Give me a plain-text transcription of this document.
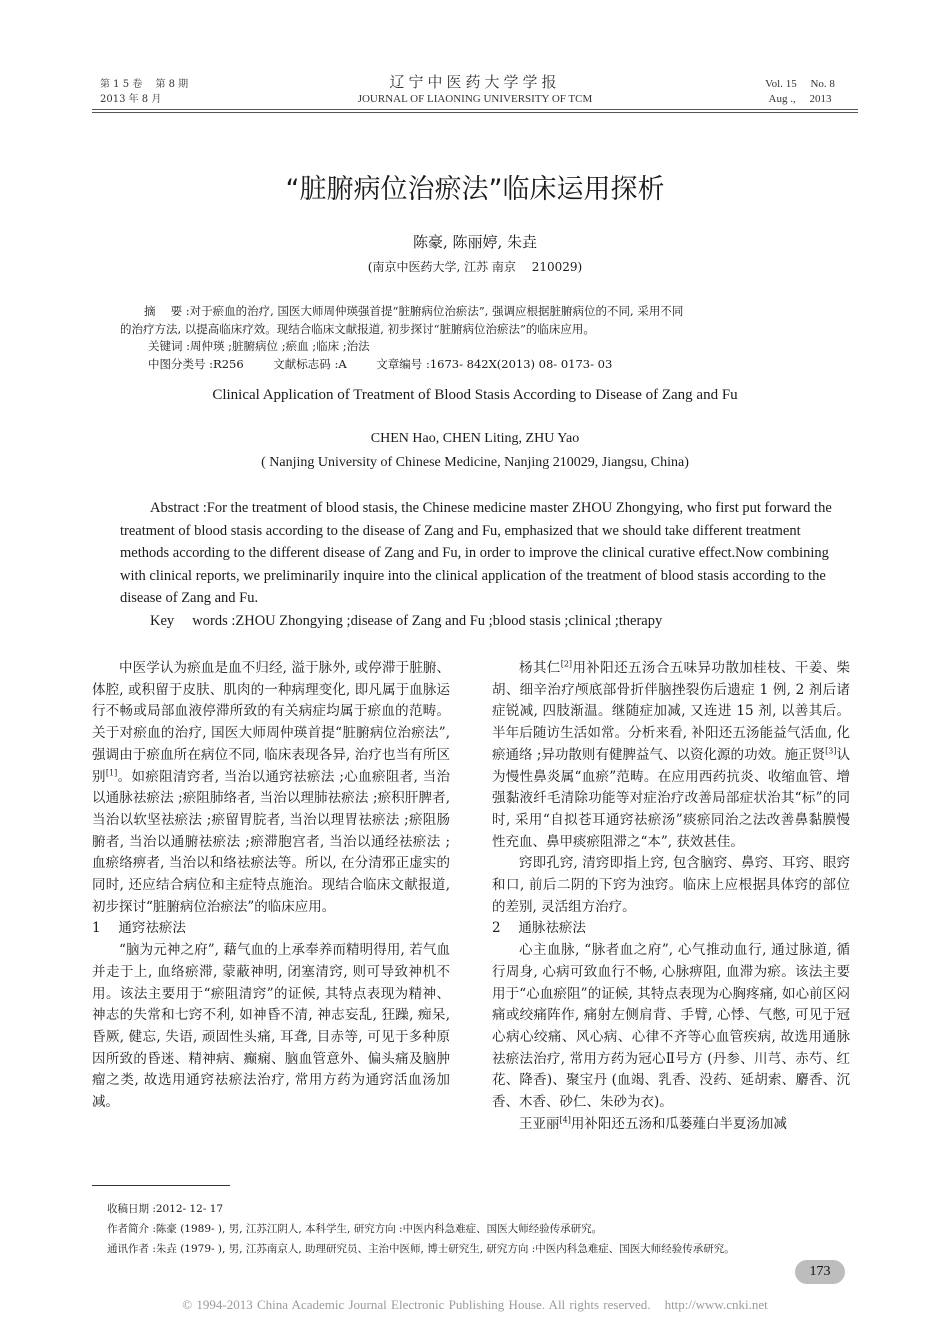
第 1 5 卷 　第 8 期
2013 年 8 月
辽宁中医药大学学报
JOURNAL OF LIAONING UNIVERSITY OF TCM
Vol. 15 　No. 8
Aug ., 　2013
“脏腑病位治瘀法”临床运用探析
陈豪, 陈丽婷, 朱垚
(南京中医药大学, 江苏 南京 　210029)

摘 　要 :对于瘀血的治疗, 国医大师周仲瑛强首提“脏腑病位治瘀法”, 强调应根据脏腑病位的不同, 采用不同

的治疗方法, 以提高临床疗效。现结合临床文献报道, 初步探讨“脏腑病位治瘀法”的临床应用。

关键词 :周仲瑛 ;脏腑病位 ;瘀血 ;临床 ;治法

中图分类号 :R256	文献标志码 :A	文章编号 :1673- 842X(2013) 08- 0173- 03

Clinical Application of Treatment of Blood Stasis According to Disease of Zang and Fu
CHEN Hao, CHEN Liting, ZHU Yao
( Nanjing University of Chinese Medicine, Nanjing 210029, Jiangsu, China)

Abstract :For the treatment of blood stasis, the Chinese medicine master ZHOU Zhongying, who first put forward the treatment of blood stasis according to the disease of Zang and Fu, emphasized that we should take different treatment methods according to the different disease of Zang and Fu, in order to improve the clinical curative effect.Now combining with clinical reports, we preliminarily inquire into the clinical application of the treatment of blood stasis according to the disease of Zang and Fu.

Key 　words :ZHOU Zhongying ;disease of Zang and Fu ;blood stasis ;clinical ;therapy

中医学认为瘀血是血不归经, 溢于脉外, 或停滞于脏腑、体腔, 或积留于皮肤、肌肉的一种病理变化, 即凡属于血脉运行不畅或局部血液停滞所致的有关病症均属于瘀血的范畴。关于对瘀血的治疗, 国医大师周仲瑛首提“脏腑病位治瘀法”, 强调由于瘀血所在病位不同, 临床表现各异, 治疗也当有所区别[1]。如瘀阻清窍者, 当治以通窍祛瘀法 ;心血瘀阻者, 当治以通脉祛瘀法 ;瘀阻肺络者, 当治以理肺祛瘀法 ;瘀积肝脾者, 当治以软坚祛瘀法 ;瘀留胃脘者, 当治以理胃祛瘀法 ;瘀阻肠腑者, 当治以通腑祛瘀法 ;瘀滞胞宫者, 当治以通经祛瘀法 ;血瘀络痹者, 当治以和络祛瘀法等。所以, 在分清邪正虚实的同时, 还应结合病位和主症特点施治。现结合临床文献报道, 初步探讨“脏腑病位治瘀法”的临床应用。

1 　通窍祛瘀法

“脑为元神之府”, 藉气血的上承奉养而精明得用, 若气血并走于上, 血络瘀滞, 蒙蔽神明, 闭塞清窍, 则可导致神机不用。该法主要用于“瘀阻清窍”的证候, 其特点表现为精神、神志的失常和七窍不利, 如神昏不清, 神志妄乱, 狂躁, 痴呆, 昏厥, 健忘, 失语, 顽固性头痛, 耳聋, 目赤等, 可见于多种原因所致的昏迷、精神病、癫痫、脑血管意外、偏头痛及脑肿瘤之类, 故选用通窍祛瘀法治疗, 常用方药为通窍活血汤加减。

杨其仁[2]用补阳还五汤合五味异功散加桂枝、干姜、柴胡、细辛治疗颅底部骨折伴脑挫裂伤后遗症 1 例, 2 剂后诸症锐减, 四肢渐温。继随症加减, 又连进 15 剂, 以善其后。半年后随访生活如常。分析来看, 补阳还五汤能益气活血, 化瘀通络 ;异功散则有健脾益气、以资化源的功效。施正贤[3]认为慢性鼻炎属“血瘀”范畴。在应用西药抗炎、收缩血管、增强黏液纤毛清除功能等对症治疗改善局部症状治其“标”的同时, 采用“自拟苍耳通窍祛瘀汤”痰瘀同治之法改善鼻黏膜慢性充血、鼻甲痰瘀阻滞之“本”, 获效甚佳。

窍即孔窍, 清窍即指上窍, 包含脑窍、鼻窍、耳窍、眼窍和口, 前后二阴的下窍为浊窍。临床上应根据具体窍的部位的差别, 灵活组方治疗。

2 　通脉祛瘀法

心主血脉, “脉者血之府”, 心气推动血行, 通过脉道, 循行周身, 心病可致血行不畅, 心脉痹阻, 血滞为瘀。该法主要用于“心血瘀阻”的证候, 其特点表现为心胸疼痛, 如心前区闷痛或绞痛阵作, 痛射左侧肩背、手臂, 心悸、气憋, 可见于冠心病心绞痛、风心病、心律不齐等心血管疾病, 故选用通脉祛瘀法治疗, 常用方药为冠心Ⅱ号方 (丹参、川芎、赤芍、红花、降香)、聚宝丹 (血竭、乳香、没药、延胡索、麝香、沉香、木香、砂仁、朱砂为衣)。

王亚丽[4]用补阳还五汤和瓜蒌薤白半夏汤加减

收稿日期 :2012- 12- 17

作者简介 :陈豪 (1989- ), 男, 江苏江阴人, 本科学生, 研究方向 :中医内科急难症、国医大师经验传承研究。

通讯作者 :朱垚 (1979- ), 男, 江苏南京人, 助理研究员、主治中医师, 博士研究生, 研究方向 :中医内科急难症、国医大师经验传承研究。

173
© 1994-2013 China Academic Journal Electronic Publishing House. All rights reserved. http://www.cnki.net
